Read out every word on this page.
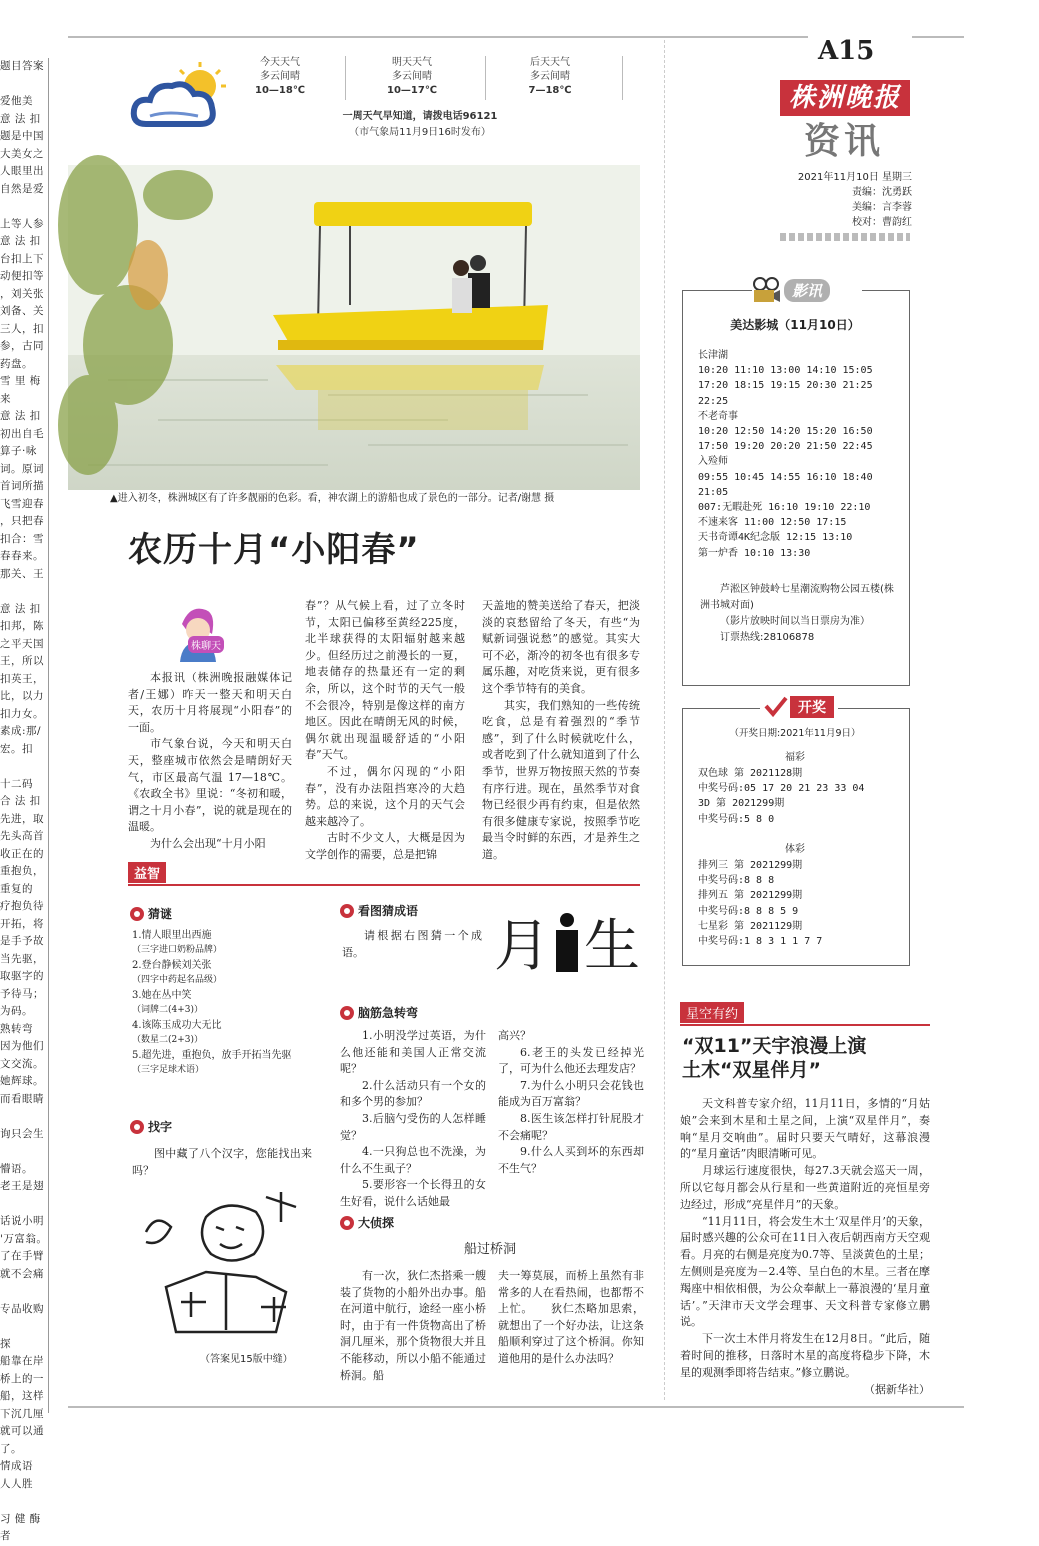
题目答案

爱他美
意 法 扣
题是中国
大美女之
人眼里出
自然是爱

上等人参
意 法 扣
台扣上下
动便扣等
，刘关张
刘备、关
三人，扣
参，古同
药盘。
雪 里 梅
来
意 法 扣
初出自毛
算子·咏
词。原词
首词所描
飞雪迎春
，只把春
扣合：雪
春春来。
那关、王

意 法 扣
扣邦，陈
之平天国
王，所以
扣英王，
比，以力
扣力女。
素成:那/
宏。扣

十二码
合 法 扣
先进，取
先头高首
收正在的
重抱负，
重复的
疗抱负待
开拓，将
是手予故
当先驱，
取驱字的
予待马；
为码。
熟转弯
因为他们
文交流。
她辉球。
而看眼睛

询只会生

懵语。
老王是翅

话说小明
'万富翁。
了在手臂
就不会痛

专品收购

探
船靠在岸
桥上的一
船，这样
下沉几厘
就可以通
了。
情成语
人人胜

习 健 酶
者
今天天气
多云间晴
10—18℃
明天天气
多云间晴
10—17℃
后天天气
多云间晴
7—18℃
一周天气早知道，请拨电话96121
（市气象局11月9日16时发布）
A15
株洲晚报
资讯
2021年11月10日 星期三
责编：沈勇跃
美编：言李蓉
校对：曹韵红
▲进入初冬，株洲城区有了许多靓丽的色彩。看，神农湖上的游船也成了景色的一部分。记者/谢慧 摄
农历十月“小阳春”
株聊天

本报讯（株洲晚报融媒体记者/王娜）昨天一整天和明天白天，农历十月将展现“小阳春”的一面。

市气象台说，今天和明天白天，整座城市依然会是晴朗好天气，市区最高气温 17—18℃。《农政全书》里说：“冬初和暖，谓之十月小春”，说的就是现在的温暖。

为什么会出现“十月小阳

春”？从气候上看，过了立冬时节，太阳已偏移至黄经225度，北半球获得的太阳辐射越来越少。但经历过之前漫长的一夏，地表储存的热量还有一定的剩余，所以，这个时节的天气一般不会很冷，特别是像这样的南方地区。因此在晴朗无风的时候，偶尔就出现温暖舒适的“小阳春”天气。

不过，偶尔闪现的“小阳春”，没有办法阻挡寒冷的大趋势。总的来说，这个月的天气会越来越冷了。

古时不少文人，大概是因为文学创作的需要，总是把锦

天盖地的赞美送给了春天，把淡淡的哀愁留给了冬天，有些“为赋新词强说愁”的感觉。其实大可不必，渐冷的初冬也有很多专属乐趣，对吃货来说，更有很多这个季节特有的美食。

其实，我们熟知的一些传统吃食，总是有着强烈的“季节感”，到了什么时候就吃什么，或者吃到了什么就知道到了什么季节，世界万物按照天然的节奏有序行进。现在，虽然季节对食物已经很少再有约束，但是依然有很多健康专家说，按照季节吃最当令时鲜的东西，才是养生之道。

益智
猜谜
1.情人眼里出西施
（三字进口奶粉品牌）
2.登台静候刘关张
（四字中药起名品级）
3.她在丛中笑
（词牌二(4+3)）
4.该陈玉成功大无比
（数星二(2+3)）
5.超先进，重抱负，放手开拓当先驱
（三字足球术语）
找字

图中藏了八个汉字，您能找出来吗？

（答案见15版中缝）
看图猜成语

请根据右图猜一个成语。	月 生
脑筋急转弯

1.小明没学过英语，为什么他还能和美国人正常交流呢？

2.什么活动只有一个女的和多个男的参加？

3.后脑勺受伤的人怎样睡觉？

4.一只狗总也不洗澡，为什么不生虱子？

5.要形容一个长得丑的女生好看，说什么话她最

高兴？

6.老王的头发已经掉光了，可为什么他还去理发店？

7.为什么小明只会花钱也能成为百万富翁？

8.医生该怎样打针屁股才不会痛呢？

9.什么人买到坏的东西却不生气？

大侦探
船过桥洞

有一次，狄仁杰搭乘一艘装了货物的小船外出办事。船在河道中航行，途经一座小桥时，由于有一件货物高出了桥洞几厘米，那个货物很大并且不能移动，所以小船不能通过桥洞。船

夫一筹莫展，而桥上虽然有非常多的人在看热闹，也都帮不上忙。　　狄仁杰略加思索，就想出了一个好办法，让这条船顺利穿过了这个桥洞。你知道他用的是什么办法吗？

影讯
美达影城（11月10日）
长津湖
10:20 11:10 13:00 14:10 15:05
17:20 18:15 19:15 20:30 21:25
22:25
不老奇事
10:20 12:50 14:20 15:20 16:50
17:50 19:20 20:20 21:50 22:45
入殓师
09:55 10:45 14:55 16:10 18:40
21:05
007:无暇赴死 16:10 19:10 22:10
不速来客 11:00 12:50 17:15
天书奇谭4K纪念版 12:15 13:10
第一炉香 10:10 13:30
芦淞区钟鼓岭七星潮流购物公园五楼(株洲书城对面)
（影片放映时间以当日票房为准）
订票热线:28106878
开奖
（开奖日期:2021年11月9日）
福彩
双色球 第 2021128期
中奖号码:05 17 20 21 23 33 04
3D 第 2021299期
中奖号码:5 8 0
体彩
排列三 第 2021299期
中奖号码:8 8 8
排列五 第 2021299期
中奖号码:8 8 8 5 9
七星彩 第 2021129期
中奖号码:1 8 3 1 1 7 7
星空有约
“双11”天宇浪漫上演
土木“双星伴月”

天文科普专家介绍，11月11日，多情的“月姑娘”会来到木星和土星之间，上演“双星伴月”，奏响“星月交响曲”。届时只要天气晴好，这幕浪漫的“星月童话”肉眼清晰可见。

月球运行速度很快，每27.3天就会巡天一周，所以它每月都会从行星和一些黄道附近的亮恒星旁边经过，形成“亮星伴月”的天象。

“11月11日，将会发生木土‘双星伴月’的天象，届时感兴趣的公众可在11日入夜后朝西南方天空观看。月亮的右侧是亮度为0.7等、呈淡黄色的土星；左侧则是亮度为－2.4等、呈白色的木星。三者在摩羯座中相依相偎，为公众奉献上一幕浪漫的‘星月童话’。”天津市天文学会理事、天文科普专家修立鹏说。

下一次土木伴月将发生在12月8日。“此后，随着时间的推移，日落时木星的高度将稳步下降，木星的观测季即将告结束。”修立鹏说。

（据新华社）
